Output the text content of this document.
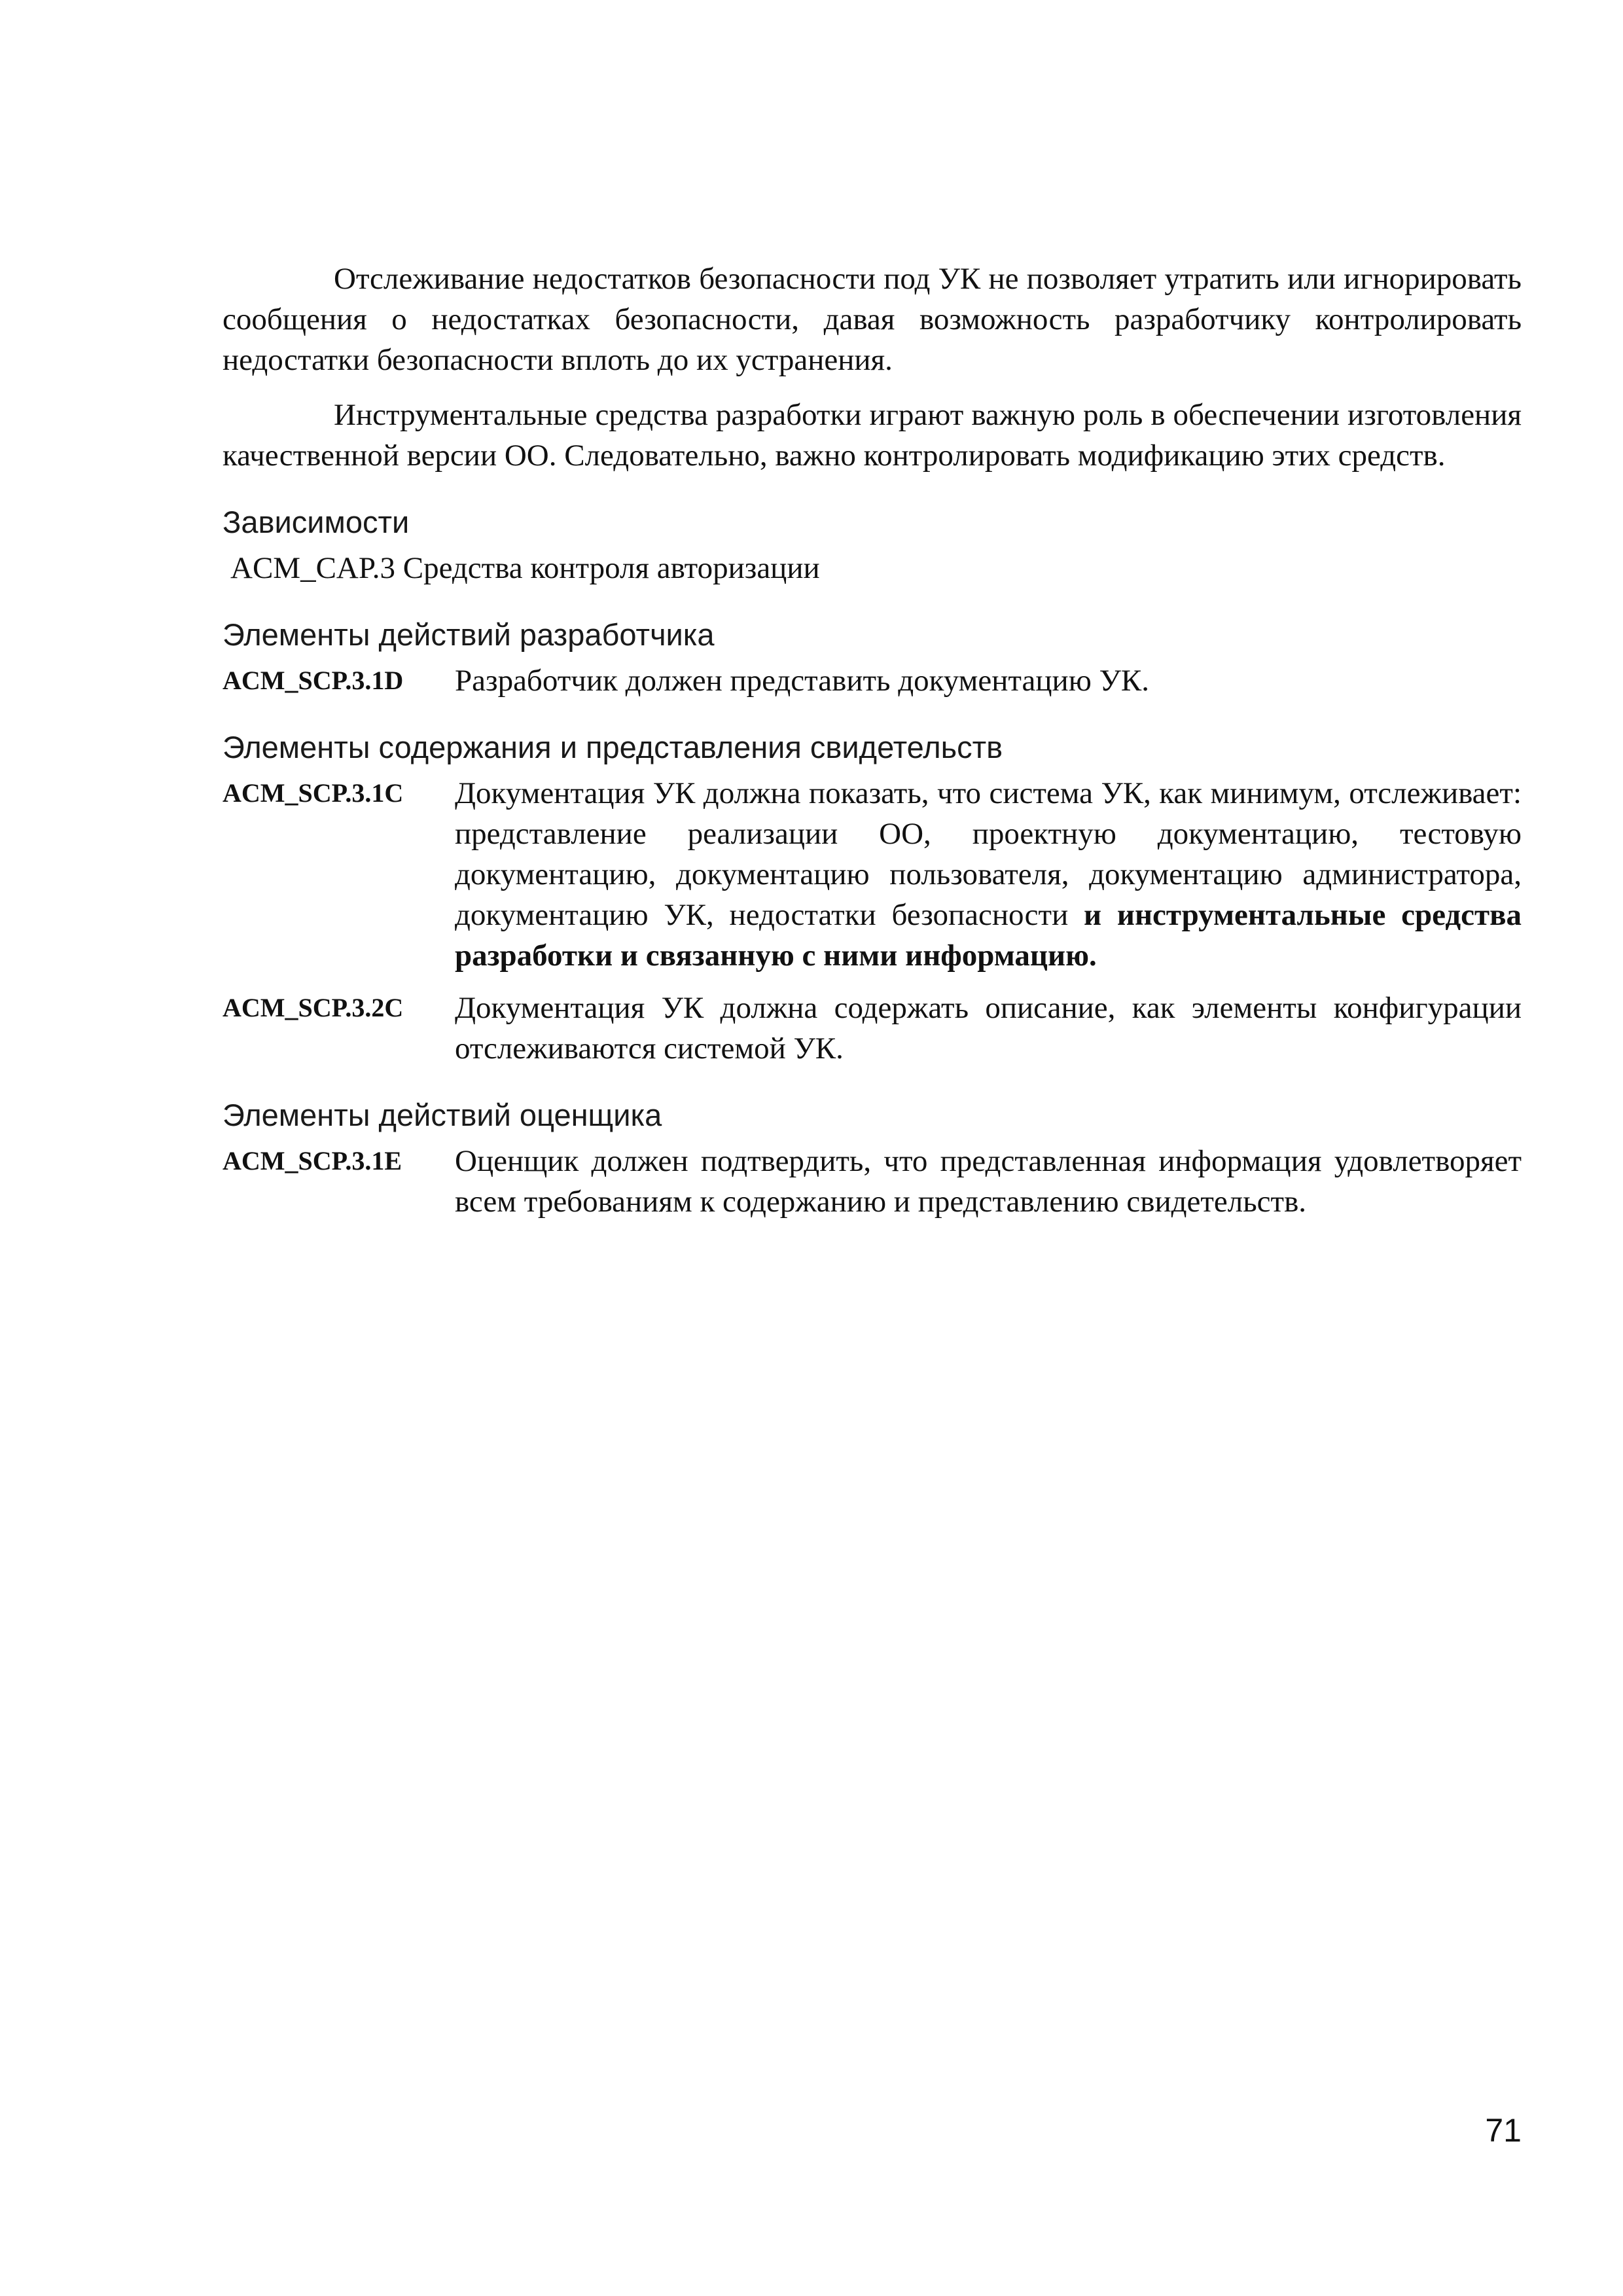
Отслеживание недостатков безопасности под УК не позволяет утратить или игнорировать сообщения о недостатках безопасности, давая возможность разработчику контролировать недостатки безопасности вплоть до их устранения.

Инструментальные средства разработки играют важную роль в обеспечении изготовления качественной версии ОО. Следовательно, важно контролировать модификацию этих средств.

Зависимости
ACM_CAP.3 Средства контроля авторизации
Элементы действий разработчика
ACM_SCP.3.1D	Разработчик должен представить документацию УК.
Элементы содержания и представления свидетельств
ACM_SCP.3.1C	Документация УК должна показать, что система УК, как минимум, отслеживает: представление реализации ОО, проектную документацию, тестовую документацию, документацию пользователя, документацию администратора, документацию УК, недостатки безопасности и инструментальные средства разработки и связанную с ними информацию.
ACM_SCP.3.2C	Документация УК должна содержать описание, как элементы конфигурации отслеживаются системой УК.
Элементы действий оценщика
ACM_SCP.3.1E	Оценщик должен подтвердить, что представленная информация удовлетворяет всем требованиям к содержанию и представлению свидетельств.
71
